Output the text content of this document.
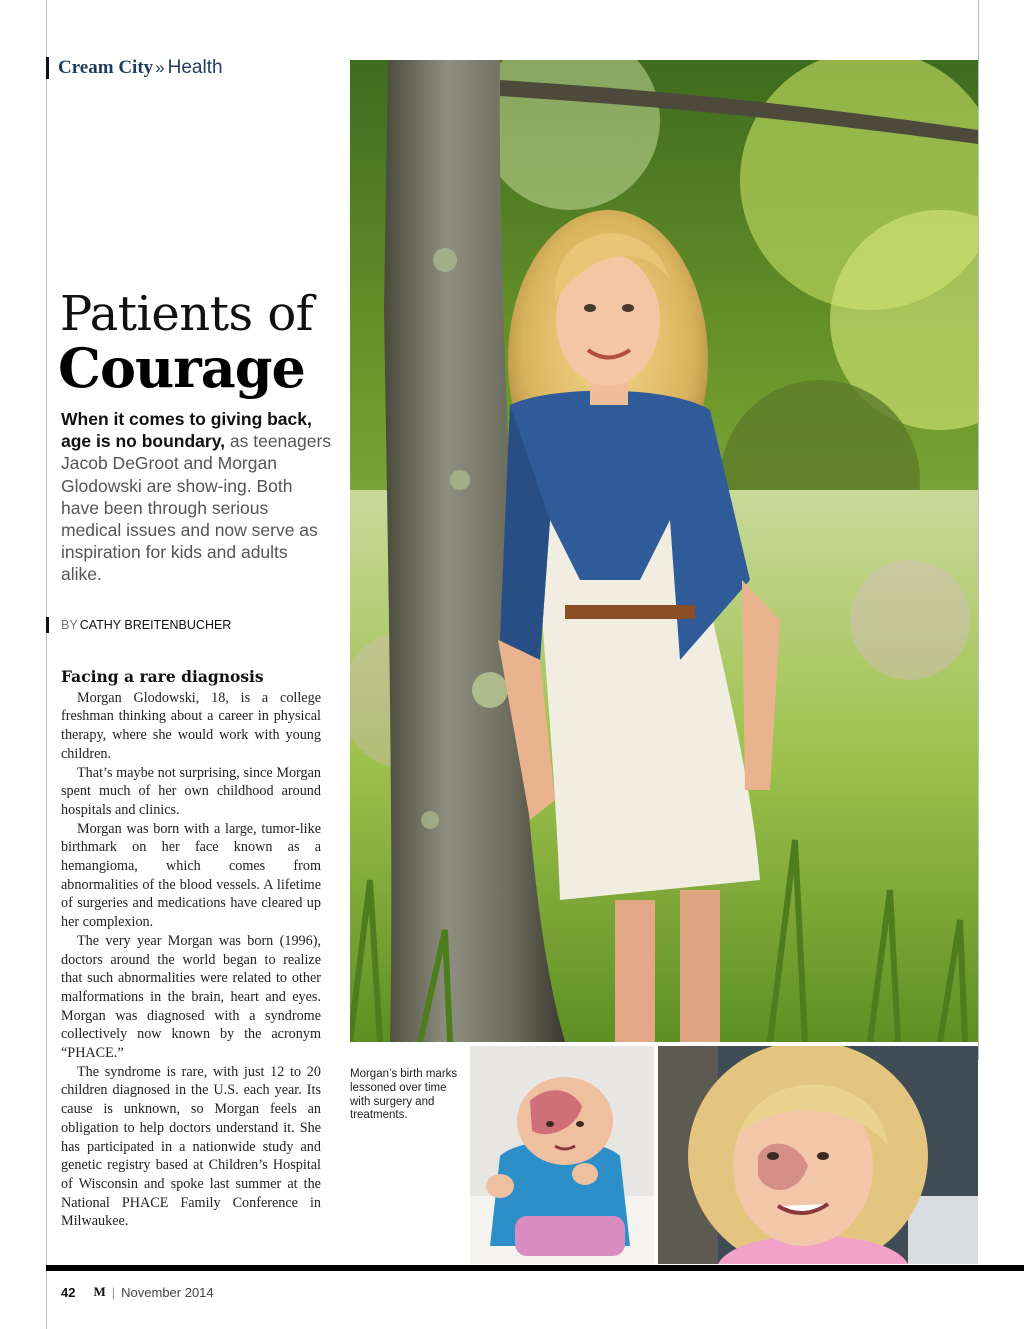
Cream City » Health
Patients of
Courage
When it comes to giving back, age is no boundary, as teenagers Jacob DeGroot and Morgan Glodowski are show-ing. Both have been through serious medical issues and now serve as inspiration for kids and adults alike.
BY CATHY BREITENBUCHER
Facing a rare diagnosis

Morgan Glodowski, 18, is a college freshman thinking about a career in physical therapy, where she would work with young children.

That’s maybe not surprising, since Morgan spent much of her own childhood around hospitals and clinics.

Morgan was born with a large, tumor-like birthmark on her face known as a hemangioma, which comes from abnormalities of the blood vessels. A lifetime of surgeries and medications have cleared up her complexion.

The very year Morgan was born (1996), doctors around the world began to realize that such abnormalities were related to other malformations in the brain, heart and eyes. Morgan was diagnosed with a syndrome collectively now known by the acronym “PHACE.”

The syndrome is rare, with just 12 to 20 children diagnosed in the U.S. each year. Its cause is unknown, so Morgan feels an obligation to help doctors understand it. She has participated in a nationwide study and genetic registry based at Children’s Hospital of Wisconsin and spoke last summer at the National PHACE Family Conference in Milwaukee.

Morgan’s birth marks lessoned over time with surgery and treatments.
42 M | November 2014
